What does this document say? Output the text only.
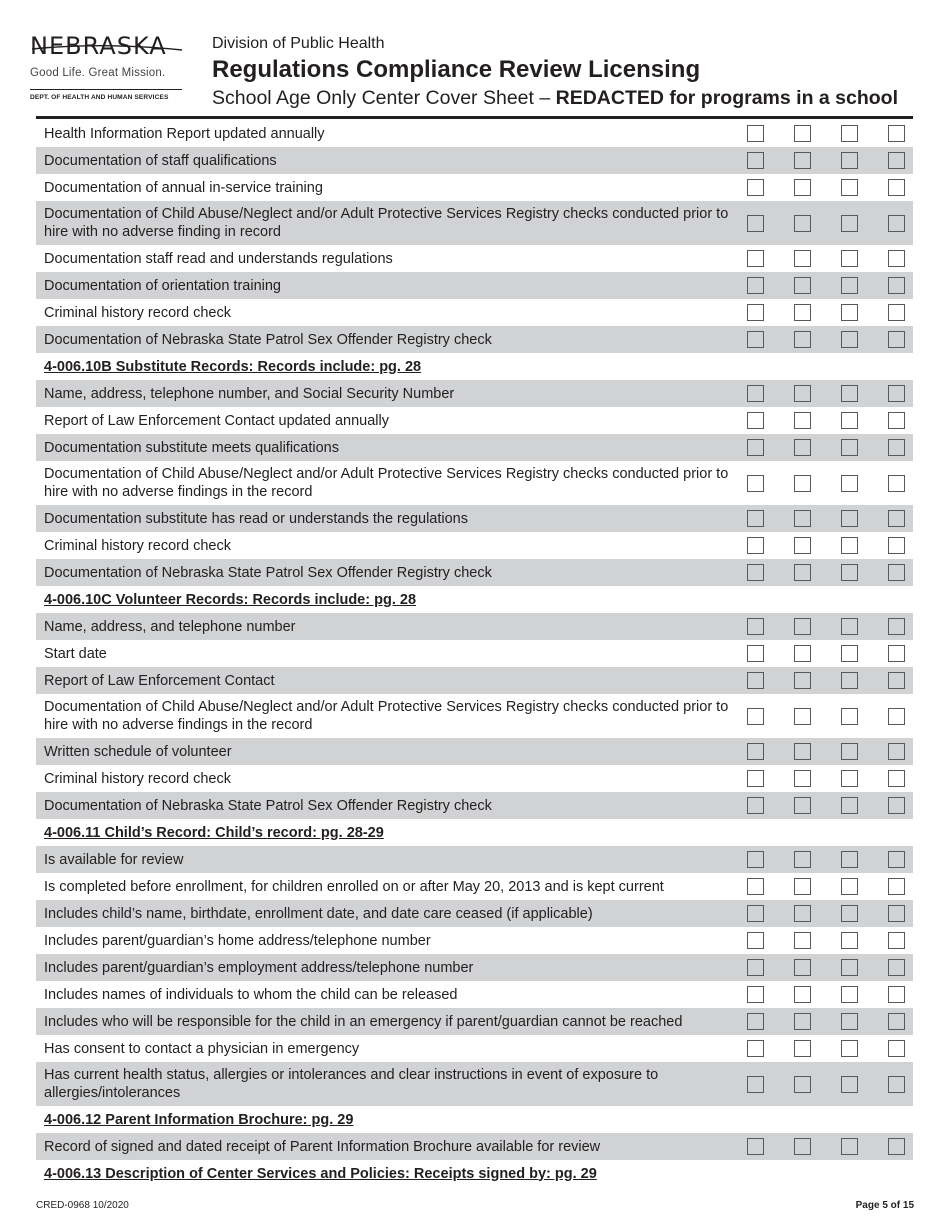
NEBRASKA
Good Life. Great Mission.
DEPT. OF HEALTH AND HUMAN SERVICES
Division of Public Health
Regulations Compliance Review Licensing
School Age Only Center Cover Sheet – REDACTED for programs in a school
Health Information Report updated annually
Documentation of staff qualifications
Documentation of annual in-service training
Documentation of Child Abuse/Neglect and/or Adult Protective Services Registry checks conducted prior to hire with no adverse finding in record
Documentation staff read and understands regulations
Documentation of orientation training
Criminal history record check
Documentation of Nebraska State Patrol Sex Offender Registry check
4-006.10B Substitute Records: Records include: pg. 28
Name, address, telephone number, and Social Security Number
Report of Law Enforcement Contact updated annually
Documentation substitute meets qualifications
Documentation of Child Abuse/Neglect and/or Adult Protective Services Registry checks conducted prior to hire with no adverse findings in the record
Documentation substitute has read or understands the regulations
Criminal history record check
Documentation of Nebraska State Patrol Sex Offender Registry check
4-006.10C Volunteer Records: Records include: pg. 28
Name, address, and telephone number
Start date
Report of Law Enforcement Contact
Documentation of Child Abuse/Neglect and/or Adult Protective Services Registry checks conducted prior to hire with no adverse findings in the record
Written schedule of volunteer
Criminal history record check
Documentation of Nebraska State Patrol Sex Offender Registry check
4-006.11 Child’s Record: Child’s record: pg. 28-29
Is available for review
Is completed before enrollment, for children enrolled on or after May 20, 2013 and is kept current
Includes child’s name, birthdate, enrollment date, and date care ceased (if applicable)
Includes parent/guardian’s home address/telephone number
Includes parent/guardian’s employment address/telephone number
Includes names of individuals to whom the child can be released
Includes who will be responsible for the child in an emergency if parent/guardian cannot be reached
Has consent to contact a physician in emergency
Has current health status, allergies or intolerances and clear instructions in event of exposure to allergies/intolerances
4-006.12 Parent Information Brochure: pg. 29
Record of signed and dated receipt of Parent Information Brochure available for review
4-006.13 Description of Center Services and Policies: Receipts signed by: pg. 29
CRED-0968 10/2020	Page 5 of 15
